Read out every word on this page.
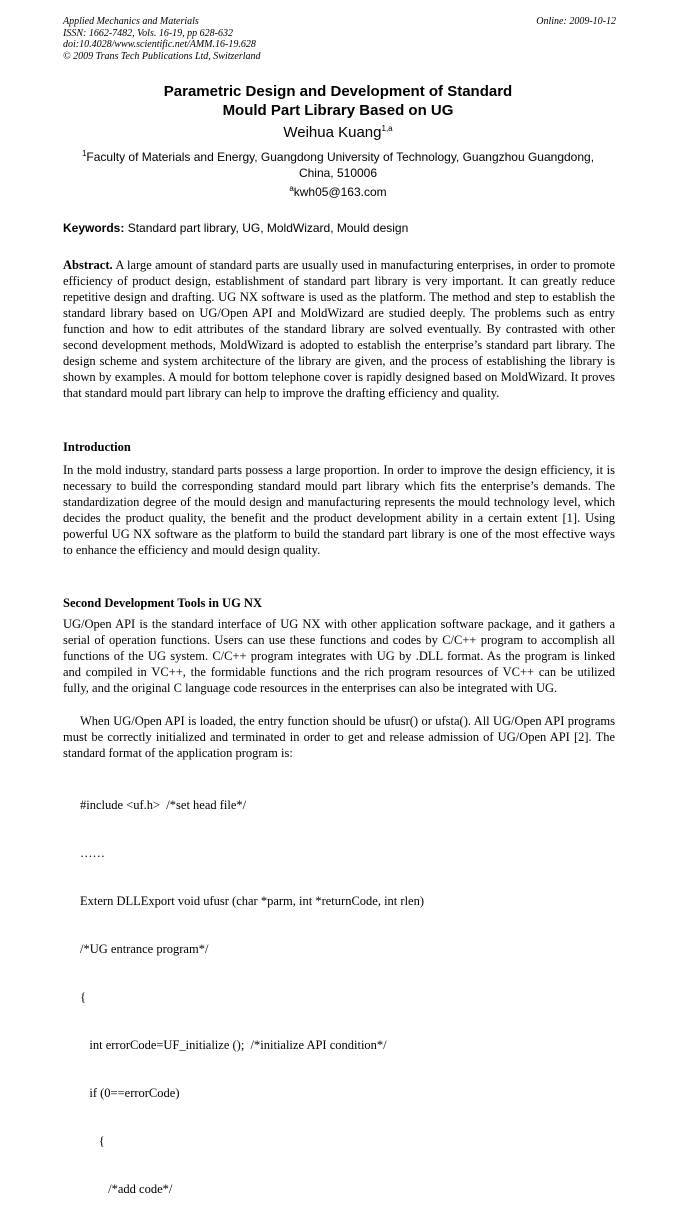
Applied Mechanics and Materials
ISSN: 1662-7482, Vols. 16-19, pp 628-632
doi:10.4028/www.scientific.net/AMM.16-19.628
© 2009 Trans Tech Publications Ltd, Switzerland
Online: 2009-10-12
Parametric Design and Development of Standard
Mould Part Library Based on UG
Weihua Kuang$^{1,a}$
$^1$Faculty of Materials and Energy, Guangdong University of Technology, Guangzhou Guangdong,
China, 510006
$^a$kwh05@163.com
Keywords: Standard part library, UG, MoldWizard, Mould design
Abstract. A large amount of standard parts are usually used in manufacturing enterprises, in order to promote efficiency of product design, establishment of standard part library is very important. It can greatly reduce repetitive design and drafting. UG NX software is used as the platform. The method and step to establish the standard library based on UG/Open API and MoldWizard are studied deeply. The problems such as entry function and how to edit attributes of the standard library are solved eventually. By contrasted with other second development methods, MoldWizard is adopted to establish the enterprise’s standard part library. The design scheme and system architecture of the library are given, and the process of establishing the library is shown by examples. A mould for bottom telephone cover is rapidly designed based on MoldWizard. It proves that standard mould part library can help to improve the drafting efficiency and quality.
Introduction
In the mold industry, standard parts possess a large proportion. In order to improve the design efficiency, it is necessary to build the corresponding standard mould part library which fits the enterprise’s demands. The standardization degree of the mould design and manufacturing represents the mould technology level, which decides the product quality, the benefit and the product development ability in a certain extent [1]. Using powerful UG NX software as the platform to build the standard part library is one of the most effective ways to enhance the efficiency and mould design quality.
Second Development Tools in UG NX
UG/Open API is the standard interface of UG NX with other application software package, and it gathers a serial of operation functions. Users can use these functions and codes by C/C++ program to accomplish all functions of the UG system. C/C++ program integrates with UG by .DLL format. As the program is linked and compiled in VC++, the formidable functions and the rich program resources of VC++ can be utilized fully, and the original C language code resources in the enterprises can also be integrated with UG.
When UG/Open API is loaded, the entry function should be ufusr() or ufsta(). All UG/Open API programs must be correctly initialized and terminated in order to get and release admission of UG/Open API [2]. The standard format of the application program is:

#include <uf.h>  /*set head file*/

……

Extern DLLExport void ufusr (char *parm, int *returnCode, int rlen)

/*UG entrance program*/

{

int errorCode=UF_initialize ();  /*initialize API condition*/

if (0==errorCode)

{

/*add code*/
